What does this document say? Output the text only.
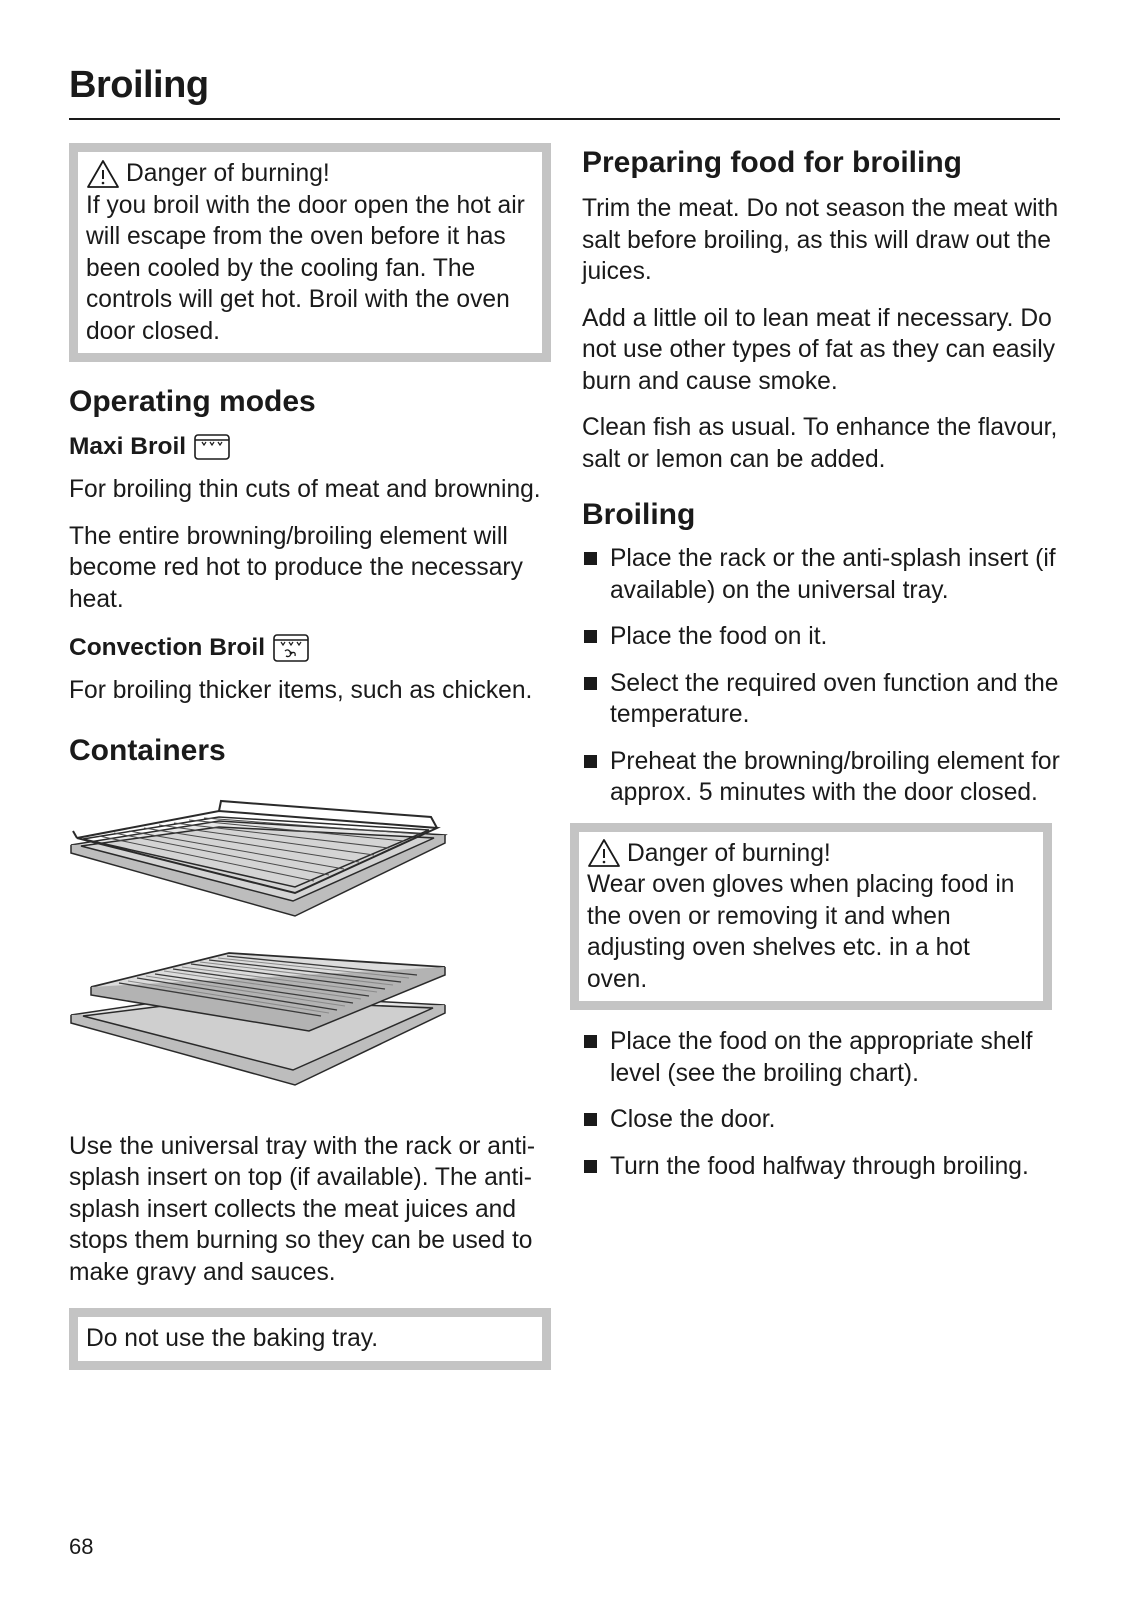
Broiling
Danger of burning!
If you broil with the door open the hot air will escape from the oven before it has been cooled by the cooling fan. The controls will get hot. Broil with the oven door closed.
Operating modes
Maxi Broil

For broiling thin cuts of meat and browning.

The entire browning/broiling element will become red hot to produce the necessary heat.

Convection Broil

For broiling thicker items, such as chicken.

Containers

Use the universal tray with the rack or anti-splash insert on top (if available). The anti-splash insert collects the meat juices and stops them burning so they can be used to make gravy and sauces.

Do not use the baking tray.
Preparing food for broiling

Trim the meat. Do not season the meat with salt before broiling, as this will draw out the juices.

Add a little oil to lean meat if necessary. Do not use other types of fat as they can easily burn and cause smoke.

Clean fish as usual. To enhance the flavour, salt or lemon can be added.

Broiling
Place the rack or the anti-splash insert (if available) on the universal tray.
Place the food on it.
Select the required oven function and the temperature.
Preheat the browning/broiling element for approx. 5 minutes with the door closed.
Danger of burning!
Wear oven gloves when placing food in the oven or removing it and when adjusting oven shelves etc. in a hot oven.
Place the food on the appropriate shelf level (see the broiling chart).
Close the door.
Turn the food halfway through broiling.
68
